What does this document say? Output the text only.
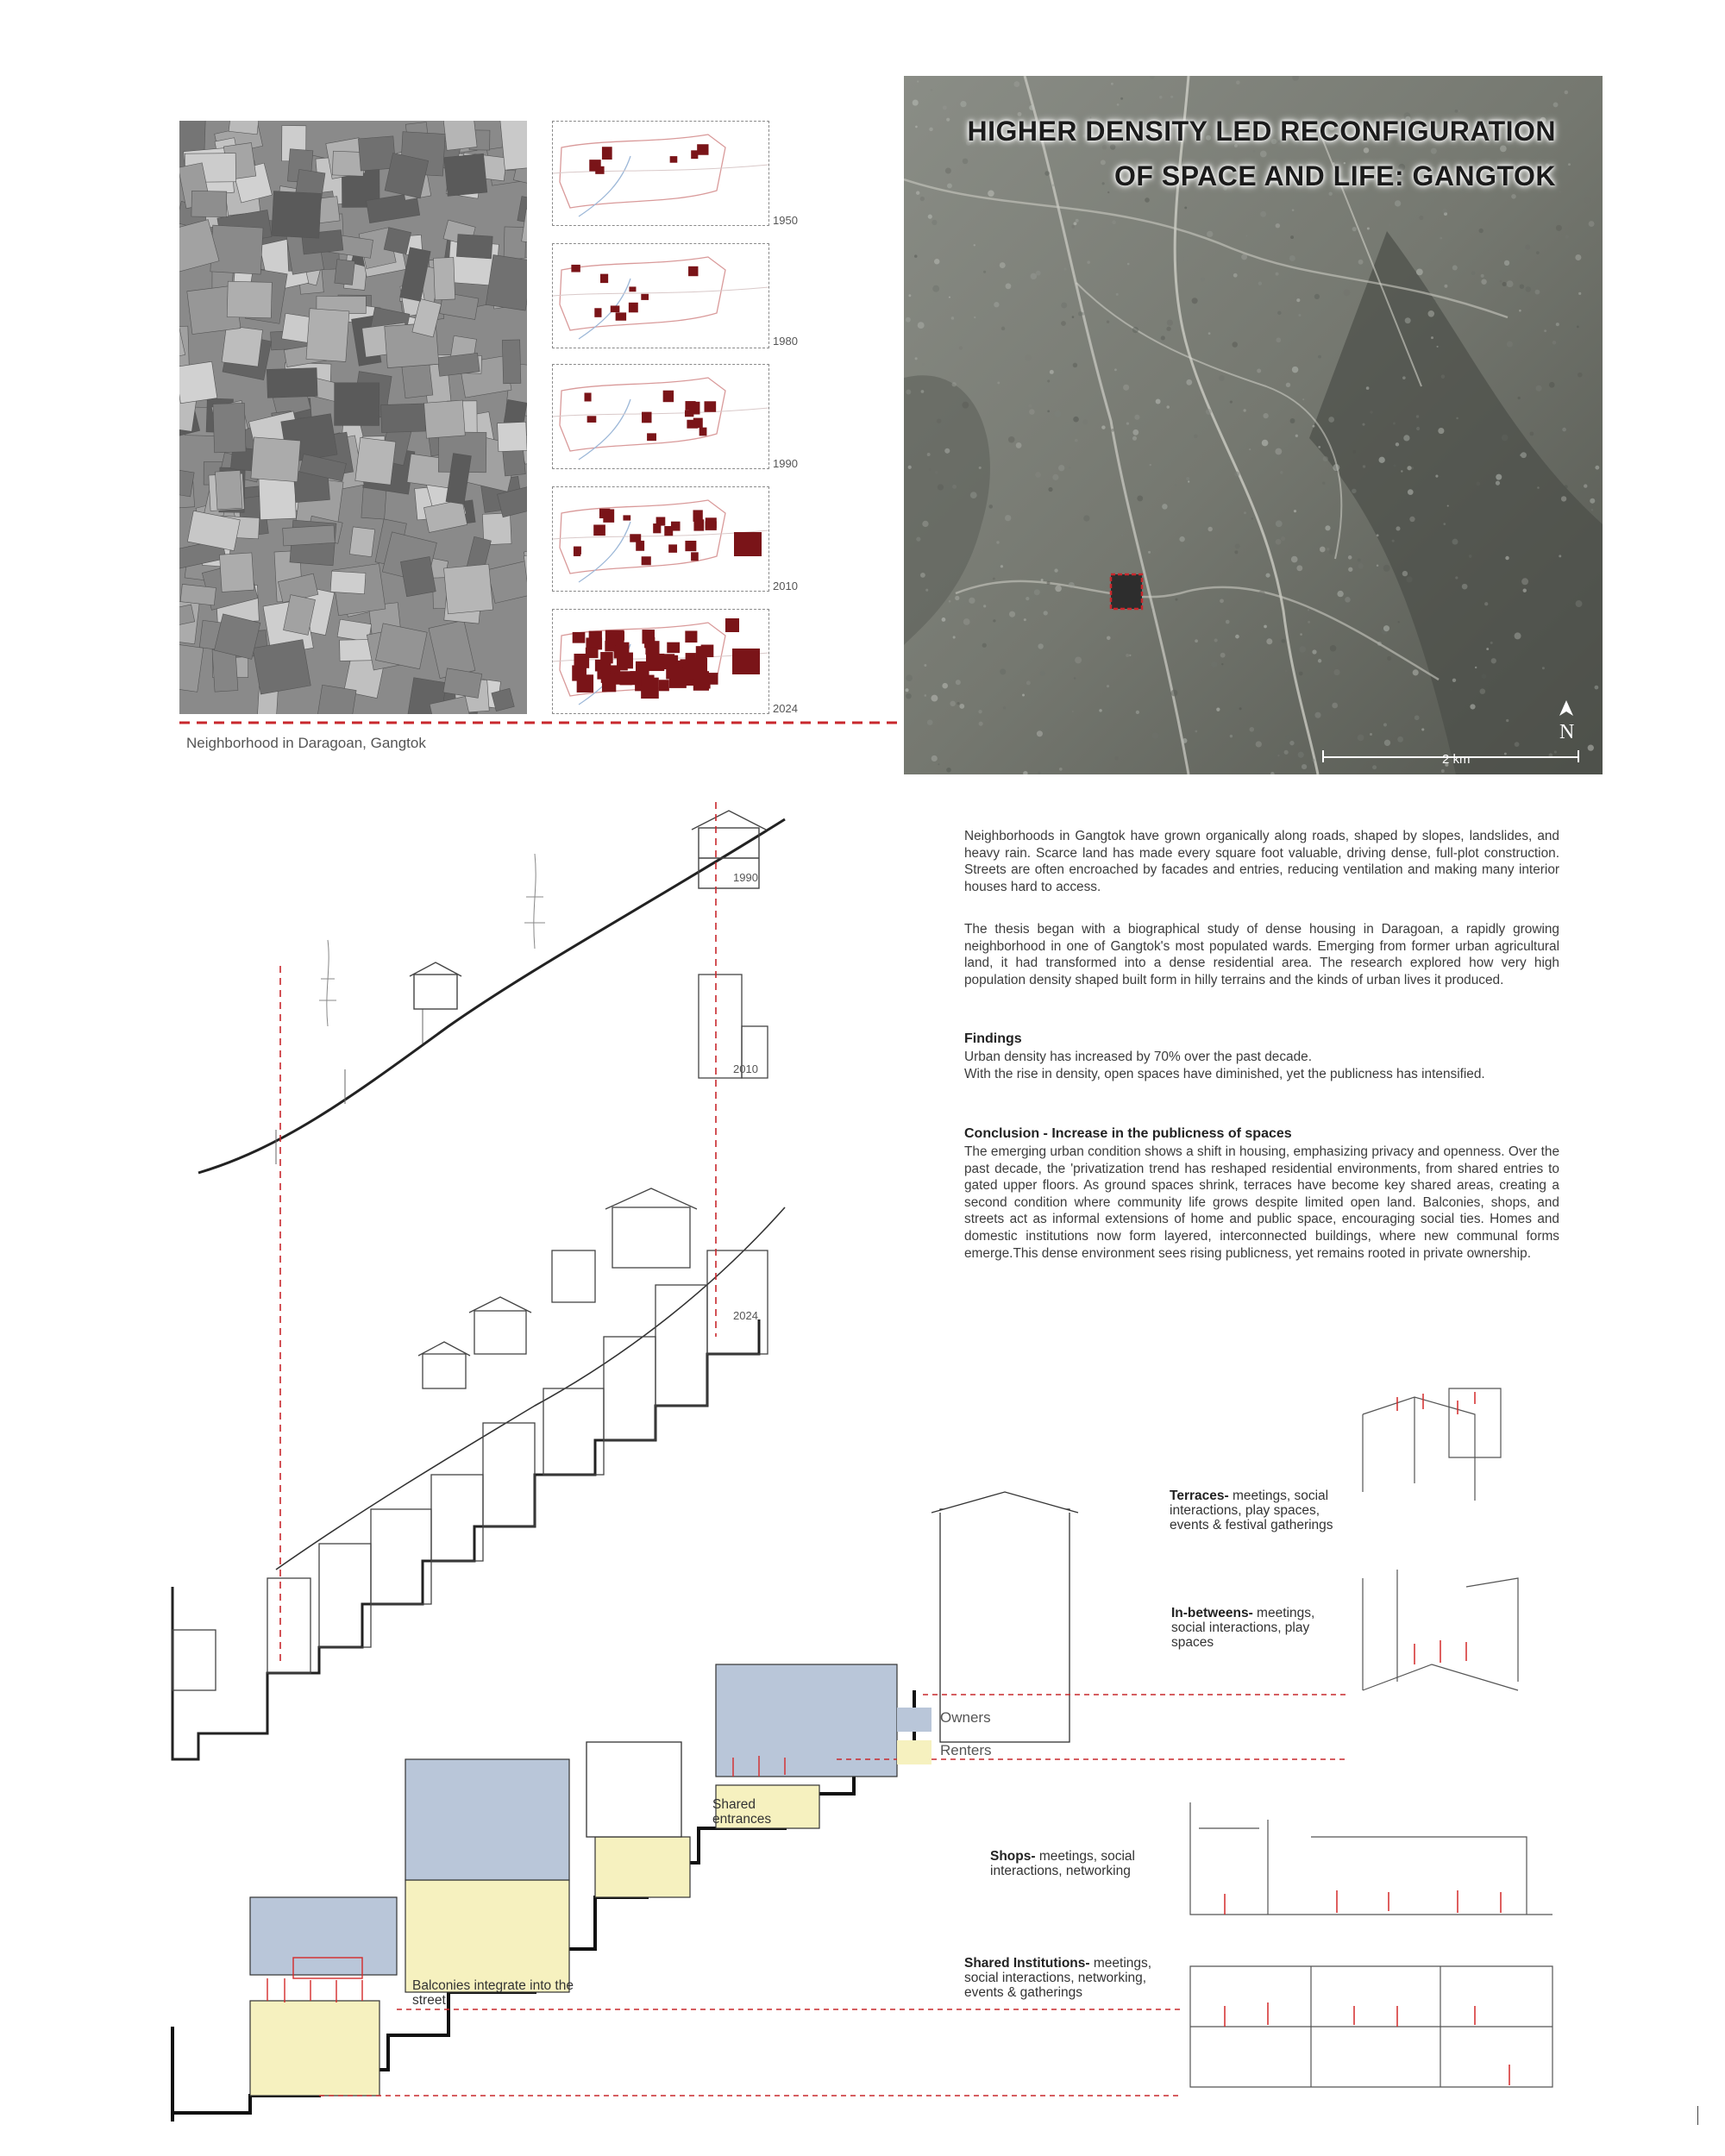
Neighborhood in Daragoan, Gangtok
1950
1980
1990
2010
2024
HIGHER DENSITY LED RECONFIGURATION
OF SPACE AND LIFE: GANGTOK
2 km
N
Neighborhoods in Gangtok have grown organically along roads, shaped by slopes, landslides, and heavy rain. Scarce land has made every square foot valuable, driving dense, full-plot construction. Streets are often encroached by facades and entries, reducing ventilation and making many interior houses hard to access.
The thesis began with a biographical study of dense housing in Daragoan, a rapidly growing neighborhood in one of Gangtok's most populated wards. Emerging from former urban agricultural land, it had transformed into a dense residential area. The research explored how very high population density shaped built form in hilly terrains and the kinds of urban lives it produced.
Findings
Urban density has increased by 70% over the past decade.
With the rise in density, open spaces have diminished, yet the publicness has intensified.
Conclusion - Increase in the publicness of spaces
The emerging urban condition shows a shift in housing, emphasizing privacy and openness. Over the past decade, the 'privatization trend has reshaped residential environments, from shared entries to gated upper floors. As ground spaces shrink, terraces have become key shared areas, creating a second condition where community life grows despite limited open land. Balconies, shops, and streets act as informal extensions of home and public space, encouraging social ties. Homes and domestic institutions now form layered, interconnected buildings, where new communal forms emerge.This dense environment sees rising publicness, yet remains rooted in private ownership.
1990
2010
2024
Terraces- meetings, social interactions, play spaces, events & festival gatherings
In-betweens- meetings, social interactions, play spaces
Shops- meetings, social interactions, networking
Shared Institutions- meetings, social interactions, networking, events & gatherings
Shared entrances
Balconies integrate into the street
Owners
Renters
